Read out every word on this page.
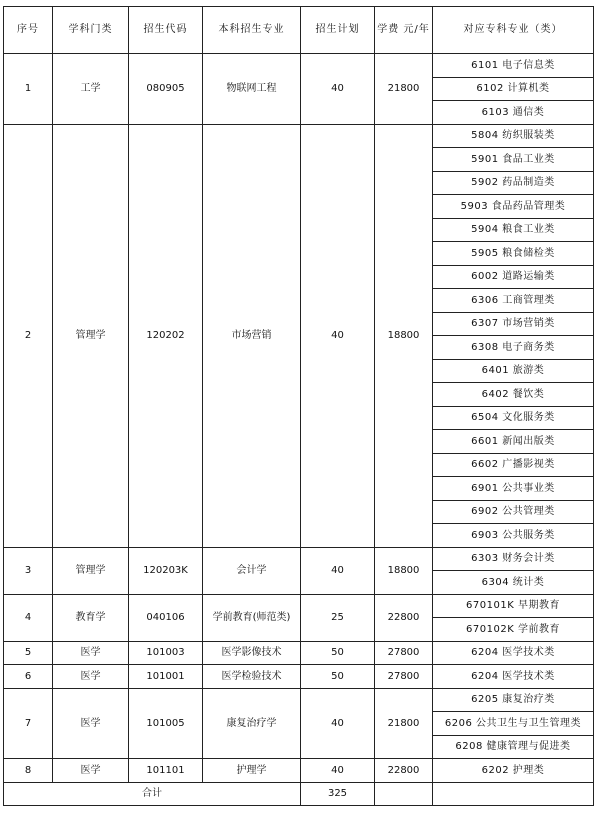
序号	学科门类	招生代码	本科招生专业	招生计划	学费 元/年	对应专科专业（类）
1	工学	080905	物联网工程	40	21800	6101 电子信息类
						6102 计算机类
						6103 通信类
2	管理学	120202	市场营销	40	18800	5804 纺织服装类
						5901 食品工业类
						5902 药品制造类
						5903 食品药品管理类
						5904 粮食工业类
						5905 粮食储检类
						6002 道路运输类
						6306 工商管理类
						6307 市场营销类
						6308 电子商务类
						6401 旅游类
						6402 餐饮类
						6504 文化服务类
						6601 新闻出版类
						6602 广播影视类
						6901 公共事业类
						6902 公共管理类
						6903 公共服务类
3	管理学	120203K	会计学	40	18800	6303 财务会计类
						6304 统计类
4	教育学	040106	学前教育(师范类)	25	22800	670101K 早期教育
						670102K 学前教育
5	医学	101003	医学影像技术	50	27800	6204 医学技术类
6	医学	101001	医学检验技术	50	27800	6204 医学技术类
7	医学	101005	康复治疗学	40	21800	6205 康复治疗类
						6206 公共卫生与卫生管理类
						6208 健康管理与促进类
8	医学	101101	护理学	40	22800	6202 护理类
合计				325		
